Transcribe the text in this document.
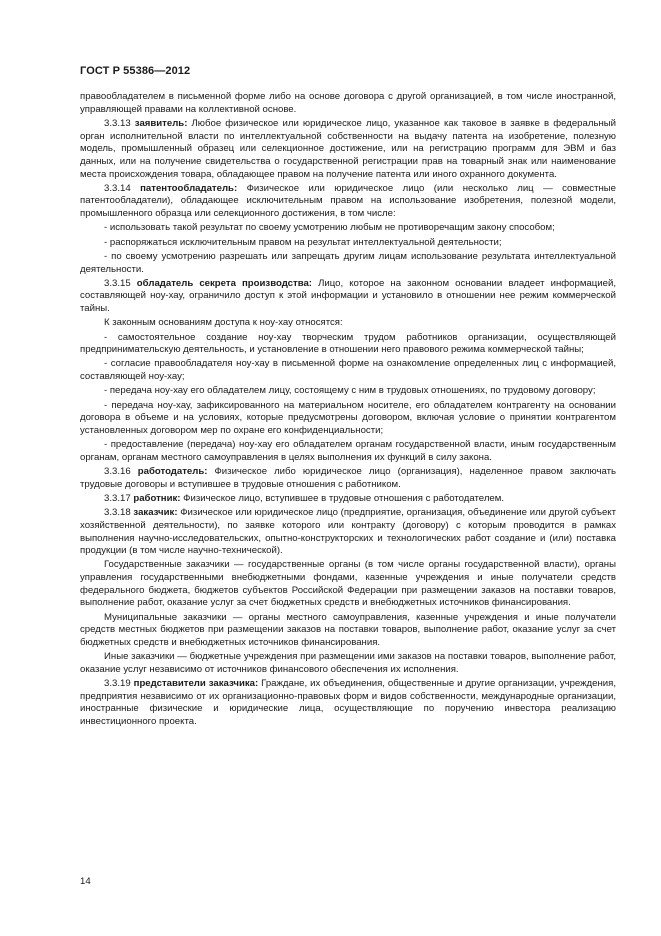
ГОСТ Р 55386—2012

правообладателем в письменной форме либо на основе договора с другой организацией, в том числе иностранной, управляющей правами на коллективной основе.

3.3.13 заявитель: Любое физическое или юридическое лицо, указанное как таковое в заявке в федеральный орган исполнительной власти по интеллектуальной собственности на выдачу патента на изобретение, полезную модель, промышленный образец или селекционное достижение, или на регистрацию программ для ЭВМ и баз данных, или на получение свидетельства о государственной регистрации прав на товарный знак или наименование места происхождения товара, обладающее правом на получение патента или иного охранного документа.

3.3.14 патентообладатель: Физическое или юридическое лицо (или несколько лиц — совместные патентообладатели), обладающее исключительным правом на использование изобретения, полезной модели, промышленного образца или селекционного достижения, в том числе:

- использовать такой результат по своему усмотрению любым не противоречащим закону способом;

- распоряжаться исключительным правом на результат интеллектуальной деятельности;

- по своему усмотрению разрешать или запрещать другим лицам использование результата интеллектуальной деятельности.

3.3.15 обладатель секрета производства: Лицо, которое на законном основании владеет информацией, составляющей ноу-хау, ограничило доступ к этой информации и установило в отношении нее режим коммерческой тайны.

К законным основаниям доступа к ноу-хау относятся:

- самостоятельное создание ноу-хау творческим трудом работников организации, осуществляющей предпринимательскую деятельность, и установление в отношении него правового режима коммерческой тайны;

- согласие правообладателя ноу-хау в письменной форме на ознакомление определенных лиц с информацией, составляющей ноу-хау;

- передача ноу-хау его обладателем лицу, состоящему с ним в трудовых отношениях, по трудовому договору;

- передача ноу-хау, зафиксированного на материальном носителе, его обладателем контрагенту на основании договора в объеме и на условиях, которые предусмотрены договором, включая условие о принятии контрагентом установленных договором мер по охране его конфиденциальности;

- предоставление (передача) ноу-хау его обладателем органам государственной власти, иным государственным органам, органам местного самоуправления в целях выполнения их функций в силу закона.

3.3.16 работодатель: Физическое либо юридическое лицо (организация), наделенное правом заключать трудовые договоры и вступившее в трудовые отношения с работником.

3.3.17 работник: Физическое лицо, вступившее в трудовые отношения с работодателем.

3.3.18 заказчик: Физическое или юридическое лицо (предприятие, организация, объединение или другой субъект хозяйственной деятельности), по заявке которого или контракту (договору) с которым проводится в рамках выполнения научно-исследовательских, опытно-конструкторских и технологических работ создание и (или) поставка продукции (в том числе научно-технической).

Государственные заказчики — государственные органы (в том числе органы государственной власти), органы управления государственными внебюджетными фондами, казенные учреждения и иные получатели средств федерального бюджета, бюджетов субъектов Российской Федерации при размещении заказов на поставки товаров, выполнение работ, оказание услуг за счет бюджетных средств и внебюджетных источников финансирования.

Муниципальные заказчики — органы местного самоуправления, казенные учреждения и иные получатели средств местных бюджетов при размещении заказов на поставки товаров, выполнение работ, оказание услуг за счет бюджетных средств и внебюджетных источников финансирования.

Иные заказчики — бюджетные учреждения при размещении ими заказов на поставки товаров, выполнение работ, оказание услуг независимо от источников финансового обеспечения их исполнения.

3.3.19 представители заказчика: Граждане, их объединения, общественные и другие организации, учреждения, предприятия независимо от их организационно-правовых форм и видов собственности, международные организации, иностранные физические и юридические лица, осуществляющие по поручению инвестора реализацию инвестиционного проекта.

14
